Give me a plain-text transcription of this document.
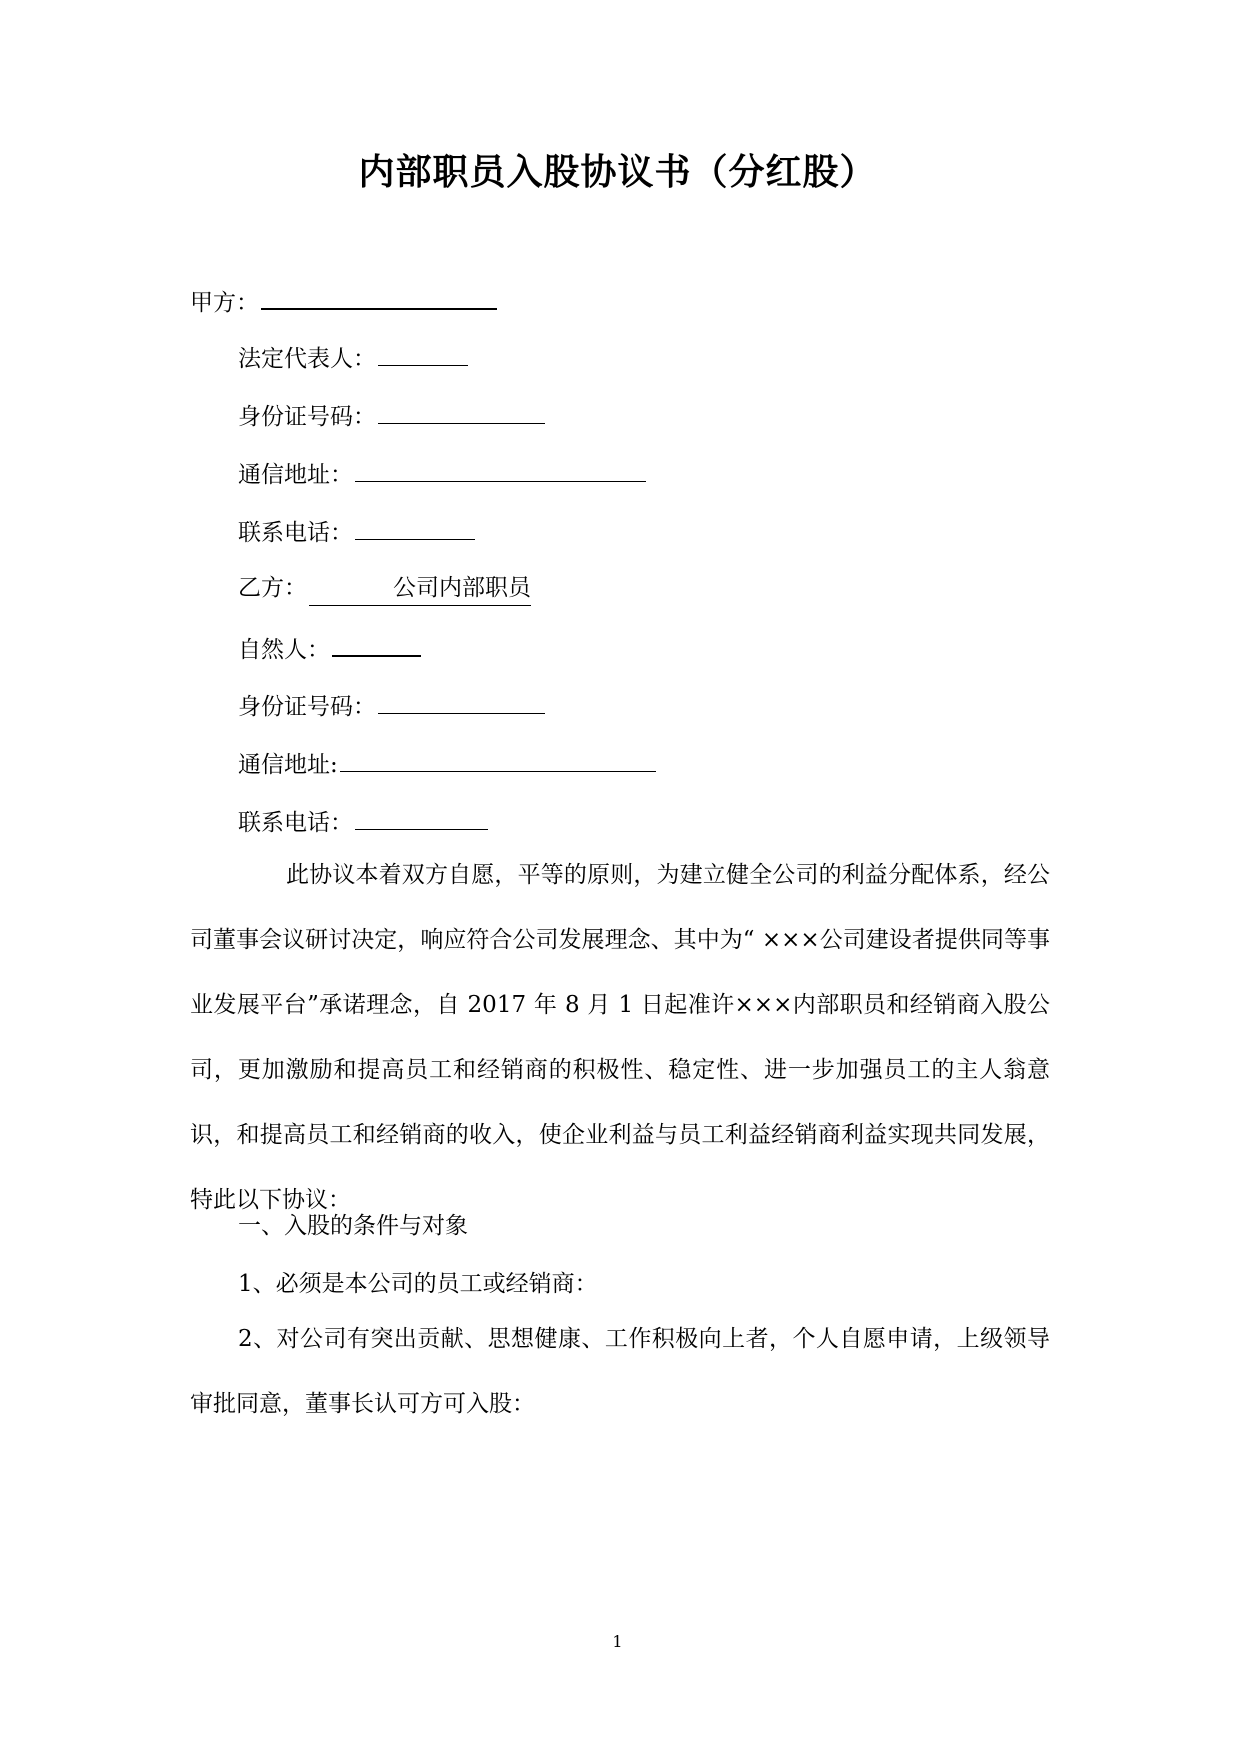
内部职员入股协议书（分红股）
甲方：
法定代表人：
身份证号码：
通信地址：
联系电话：
乙方：	公司内部职员
自然人：
身份证号码：
通信地址:
联系电话：
此协议本着双方自愿，平等的原则，为建立健全公司的利益分配体系，经公司董事会议研讨决定，响应符合公司发展理念、其中为“ ×××公司建设者提供同等事业发展平台”承诺理念，自 2017 年 8 月 1 日起准许×××内部职员和经销商入股公司，更加激励和提高员工和经销商的积极性、稳定性、进一步加强员工的主人翁意识，和提高员工和经销商的收入，使企业利益与员工利益经销商利益实现共同发展，特此以下协议：
一、入股的条件与对象
1、必须是本公司的员工或经销商：
2、对公司有突出贡献、思想健康、工作积极向上者，个人自愿申请，上级领导审批同意，董事长认可方可入股：
1
